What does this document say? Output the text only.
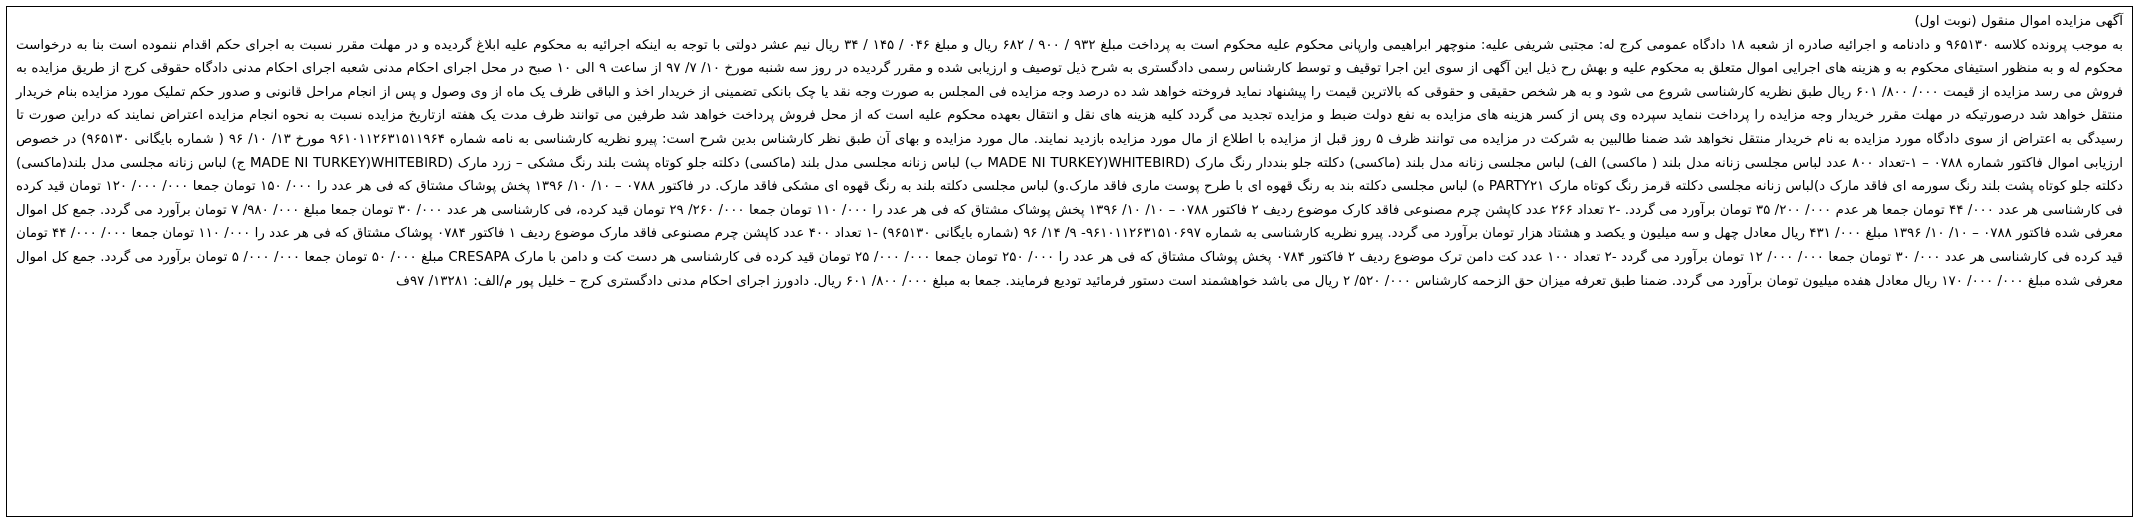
آگهی مزایده اموال منقول (نوبت اول)
به موجب پرونده کلاسه ۹۶۵۱۳۰ و دادنامه و اجرائیه صادره از شعبه ۱۸ دادگاه عمومی کرج له: مجتبی شریفی علیه: منوچهر ابراهیمی وارپانی محکوم علیه محکوم است به پرداخت مبلغ ۹۳۲ / ۹۰۰ / ۶۸۲ ریال و مبلغ ۰۴۶ / ۱۴۵ / ۳۴ ریال نیم عشر دولتی با توجه به اینکه اجرائیه به محکوم علیه ابلاغ گردیده و در مهلت مقرر نسبت به اجرای حکم اقدام ننموده است بنا به درخواست محکوم له و به منظور استیفای محکوم به و هزینه های اجرایی اموال متعلق به محکوم علیه و بهش رح ذیل این آگهی از سوی این اجرا توقیف و توسط کارشناس رسمی دادگستری به شرح ذیل توصیف و ارزیابی شده و مقرر گردیده در روز سه شنبه مورخ ۱۰/ ۷/ ۹۷ از ساعت ۹ الی ۱۰ صبح در محل اجرای احکام مدنی شعبه اجرای احکام مدنی دادگاه حقوقی کرج از طریق مزایده به فروش می رسد مزایده از قیمت ۰۰۰/ ۸۰۰/ ۶۰۱ ریال طبق نظریه کارشناسی شروع می شود و به هر شخص حقیقی و حقوقی که بالاترین قیمت را پیشنهاد نماید فروخته خواهد شد ده درصد وجه مزایده فی المجلس به صورت وجه نقد یا چک بانکی تضمینی از خریدار اخذ و الباقی ظرف یک ماه از وی وصول و پس از انجام مراحل قانونی و صدور حکم تملیک مورد مزایده بنام خریدار منتقل خواهد شد درصورتیکه در مهلت مقرر خریدار وجه مزایده را پرداخت ننماید سپرده وی پس از کسر هزینه های مزایده به نفع دولت ضبط و مزایده تجدید می گردد کلیه هزینه های نقل و انتقال بعهده محکوم علیه است که از محل فروش پرداخت خواهد شد طرفین می توانند ظرف مدت یک هفته ازتاریخ مزایده نسبت به نحوه انجام مزایده اعتراض نمایند که دراین صورت تا رسیدگی به اعتراض از سوی دادگاه مورد مزایده به نام خریدار منتقل نخواهد شد ضمنا طالبین به شرکت در مزایده می توانند ظرف ۵ روز قبل از مزایده با اطلاع از مال مورد مزایده بازدید نمایند. مال مورد مزایده و بهای آن طبق نظر کارشناس بدین شرح است: پیرو نظریه کارشناسی به نامه شماره ۹۶۱۰۱۱۲۶۳۱۵۱۱۹۶۴ مورخ ۱۳/ ۱۰/ ۹۶ ( شماره بایگانی ۹۶۵۱۳۰) در خصوص ارزیابی اموال فاکتور شماره ۰۷۸۸ – ۱-تعداد ۸۰۰ عدد لباس مجلسی زنانه مدل بلند ( ماکسی) الف) لباس مجلسی زنانه مدل بلند (ماکسی) دکلته جلو بنددار رنگ مارک (WHITEBIRD(MADE NI TURKEY ب) لباس زنانه مجلسی مدل بلند (ماکسی) دکلته جلو کوتاه پشت بلند رنگ مشکی – زرد مارک (WHITEBIRD(MADE NI TURKEY ج) لباس زنانه مجلسی مدل بلند(ماکسی) دکلته جلو کوتاه پشت بلند رنگ سورمه ای فاقد مارک د)لباس زنانه مجلسی دکلته قرمز رنگ کوتاه مارک PARTY۲۱ ه) لباس مجلسی دکلته بند به رنگ قهوه ای با طرح پوست ماری فاقد مارک.و) لباس مجلسی دکلته بلند به رنگ قهوه ای مشکی فاقد مارک. در فاکتور ۰۷۸۸ – ۱۰/ ۱۰/ ۱۳۹۶ پخش پوشاک مشتاق که فی هر عدد را ۰۰۰/ ۱۵۰ تومان جمعا ۰۰۰/ ۰۰۰/ ۱۲۰ تومان قید کرده فی کارشناسی هر عدد ۰۰۰/ ۴۴ تومان جمعا هر عدم ۰۰۰/ ۲۰۰/ ۳۵ تومان برآورد می گردد. -۲ تعداد ۲۶۶ عدد کاپشن چرم مصنوعی فاقد کارک موضوع ردیف ۲ فاکتور ۰۷۸۸ – ۱۰/ ۱۰/ ۱۳۹۶ پخش پوشاک مشتاق که فی هر عدد را ۰۰۰/ ۱۱۰ تومان جمعا ۰۰۰/ ۲۶۰/ ۲۹ تومان قید کرده، فی کارشناسی هر عدد ۰۰۰/ ۳۰ تومان جمعا مبلغ ۰۰۰/ ۹۸۰/ ۷ تومان برآورد می گردد. جمع کل اموال معرفی شده فاکتور ۰۷۸۸ – ۱۰/ ۱۰/ ۱۳۹۶ مبلغ ۰۰۰/ ۴۳۱ ریال معادل چهل و سه میلیون و یکصد و هشتاد هزار تومان برآورد می گردد. پیرو نظریه کارشناسی به شماره ۹۶۱۰۱۱۲۶۳۱۵۱۰۶۹۷- ۹/ ۱۴/ ۹۶ (شماره بایگانی ۹۶۵۱۳۰) -۱ تعداد ۴۰۰ عدد کاپشن چرم مصنوعی فاقد مارک موضوع ردیف ۱ فاکتور ۰۷۸۴ پوشاک مشتاق که فی هر عدد را ۰۰۰/ ۱۱۰ تومان جمعا ۰۰۰/ ۰۰۰/ ۴۴ تومان قید کرده فی کارشناسی هر عدد ۰۰۰/ ۳۰ تومان جمعا ۰۰۰/ ۰۰۰/ ۱۲ تومان برآورد می گردد -۲ تعداد ۱۰۰ عدد کت دامن ترک موضوع ردیف ۲ فاکتور ۰۷۸۴ پخش پوشاک مشتاق که فی هر عدد را ۰۰۰/ ۲۵۰ تومان جمعا ۰۰۰/ ۰۰۰/ ۲۵ تومان قید کرده فی کارشناسی هر دست کت و دامن با مارک CRESAPA مبلغ ۰۰۰/ ۵۰ تومان جمعا ۰۰۰/ ۰۰۰/ ۵ تومان برآورد می گردد. جمع کل اموال معرفی شده مبلغ ۰۰۰/ ۰۰۰/ ۱۷۰ ریال معادل هفده میلیون تومان برآورد می گردد. ضمنا طبق تعرفه میزان حق الزحمه کارشناس ۰۰۰/ ۵۲۰/ ۲ ریال می باشد خواهشمند است دستور فرمائید تودیع فرمایند. جمعا به مبلغ ۰۰۰/ ۸۰۰/ ۶۰۱ ریال. دادورز اجرای احکام مدنی دادگستری کرج – خلیل پور م/الف: ۱۳۲۸۱/ ۹۷ف
